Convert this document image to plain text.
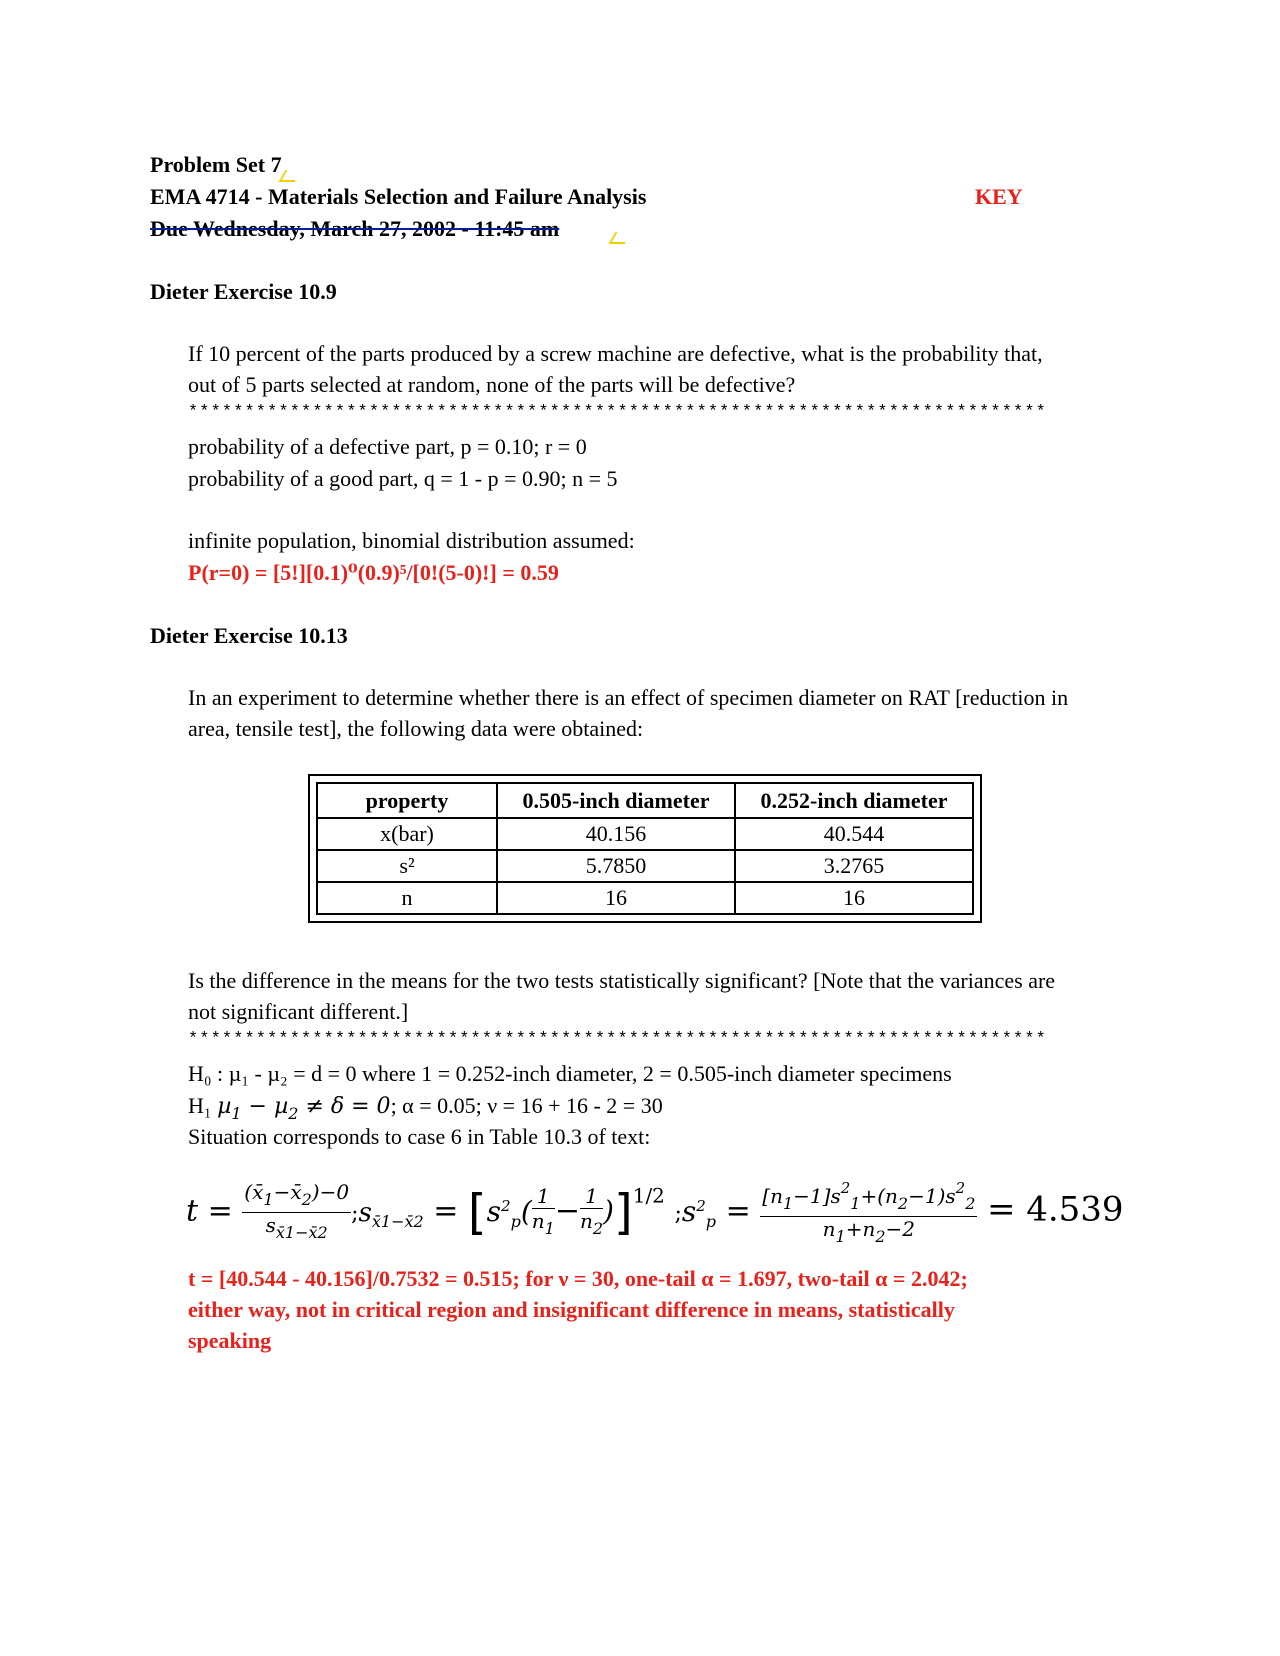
Problem Set 7
EMA 4714 - Materials Selection and Failure Analysis	KEY
Due Wednesday, March 27, 2002 - 11:45 am
Dieter Exercise 10.9
If 10 percent of the parts produced by a screw machine are defective, what is the probability that,
out of 5 parts selected at random, none of the parts will be defective?
****************************************************************************
probability of a defective part, p = 0.10; r = 0
probability of a good part, q = 1 - p = 0.90; n = 5
infinite population, binomial distribution assumed:
P(r=0) = [5!][0.1)⁰(0.9)⁵/[0!(5-0)!] = 0.59
Dieter Exercise 10.13
In an experiment to determine whether there is an effect of specimen diameter on RAT [reduction in
area, tensile test], the following data were obtained:
property	0.505-inch diameter	0.252-inch diameter
x(bar)	40.156	40.544
s²	5.7850	3.2765
n	16	16
Is the difference in the means for the two tests statistically significant? [Note that the variances are
not significant different.]
****************************************************************************
H₀ : µ₁ - µ₂ = d = 0 where 1 = 0.252-inch diameter, 2 = 0.505-inch diameter specimens
H₁ µ$_1$ − µ$_2$ ≠ δ = 0; α = 0.05; ν = 16 + 16 - 2 = 30
Situation corresponds to case 6 in Table 10.3 of text:
$t = \frac{(x̄_1-x̄_2)-0}{s_{x̄1-x̄2}}$ $;s_{x̄1-x̄2} = [s^2_p( \frac{1}{n_1} - \frac{1}{n_2} )]^{1/2}$ $;s^2_p = \frac{[n_1-1]s^2_1+(n_2-1)s^2_2}{n_1+n_2-2} = 4.539$
t = [40.544 - 40.156]/0.7532 = 0.515; for ν = 30, one-tail α = 1.697, two-tail α = 2.042;
either way, not in critical region and insignificant difference in means, statistically
speaking
